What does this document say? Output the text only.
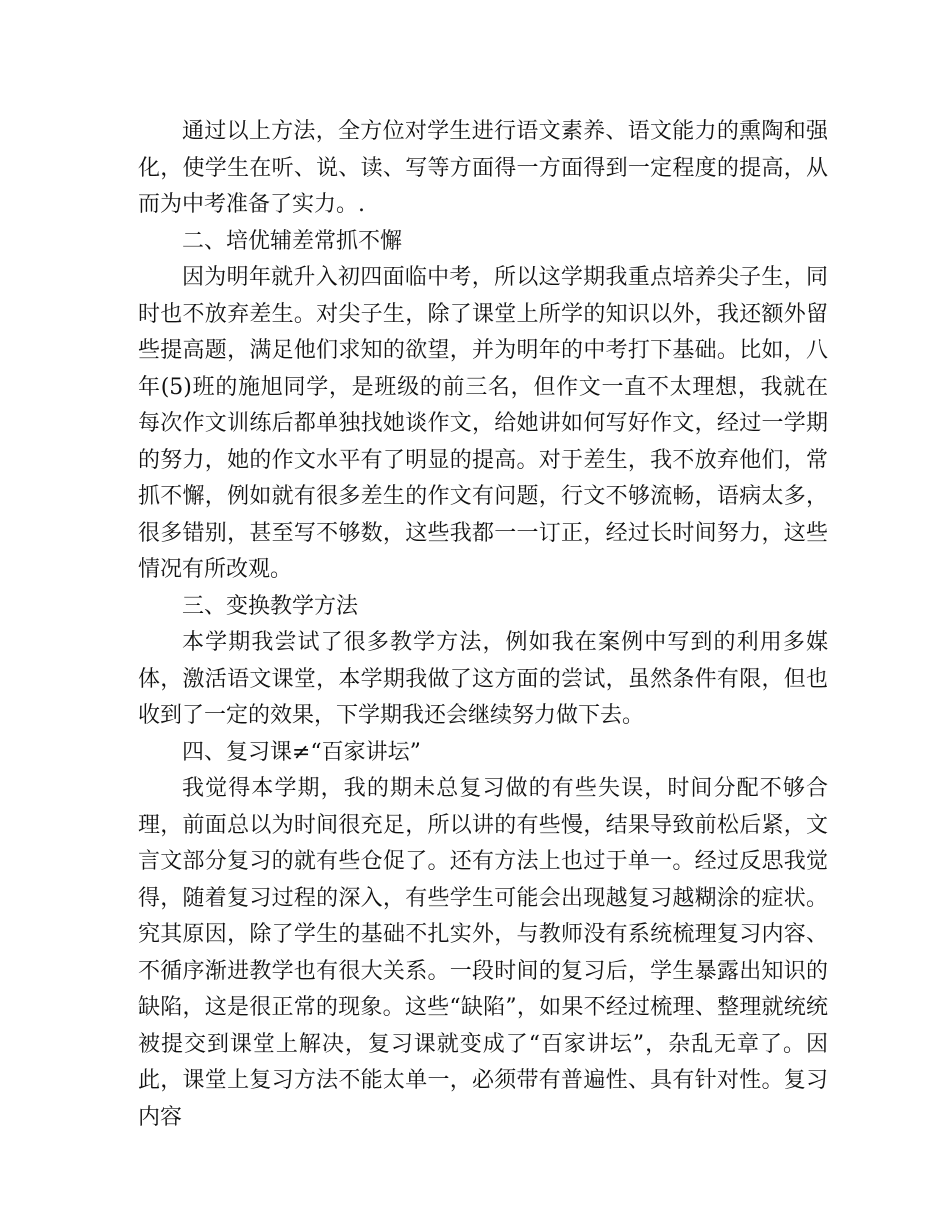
通过以上方法，全方位对学生进行语文素养、语文能力的熏陶和强化，使学生在听、说、读、写等方面得一方面得到一定程度的提高，从而为中考准备了实力。.

二、培优辅差常抓不懈

因为明年就升入初四面临中考，所以这学期我重点培养尖子生，同时也不放弃差生。对尖子生，除了课堂上所学的知识以外，我还额外留些提高题，满足他们求知的欲望，并为明年的中考打下基础。比如，八年(5)班的施旭同学，是班级的前三名，但作文一直不太理想，我就在每次作文训练后都单独找她谈作文，给她讲如何写好作文，经过一学期的努力，她的作文水平有了明显的提高。对于差生，我不放弃他们，常抓不懈，例如就有很多差生的作文有问题，行文不够流畅，语病太多，很多错别，甚至写不够数，这些我都一一订正，经过长时间努力，这些情况有所改观。

三、变换教学方法

本学期我尝试了很多教学方法，例如我在案例中写到的利用多媒体，激活语文课堂，本学期我做了这方面的尝试，虽然条件有限，但也收到了一定的效果，下学期我还会继续努力做下去。

四、复习课≠“百家讲坛”

我觉得本学期，我的期未总复习做的有些失误，时间分配不够合理，前面总以为时间很充足，所以讲的有些慢，结果导致前松后紧，文言文部分复习的就有些仓促了。还有方法上也过于单一。经过反思我觉得，随着复习过程的深入，有些学生可能会出现越复习越糊涂的症状。究其原因，除了学生的基础不扎实外，与教师没有系统梳理复习内容、不循序渐进教学也有很大关系。一段时间的复习后，学生暴露出知识的缺陷，这是很正常的现象。这些“缺陷”，如果不经过梳理、整理就统统被提交到课堂上解决，复习课就变成了“百家讲坛”，杂乱无章了。因此，课堂上复习方法不能太单一，必须带有普遍性、具有针对性。复习内容
